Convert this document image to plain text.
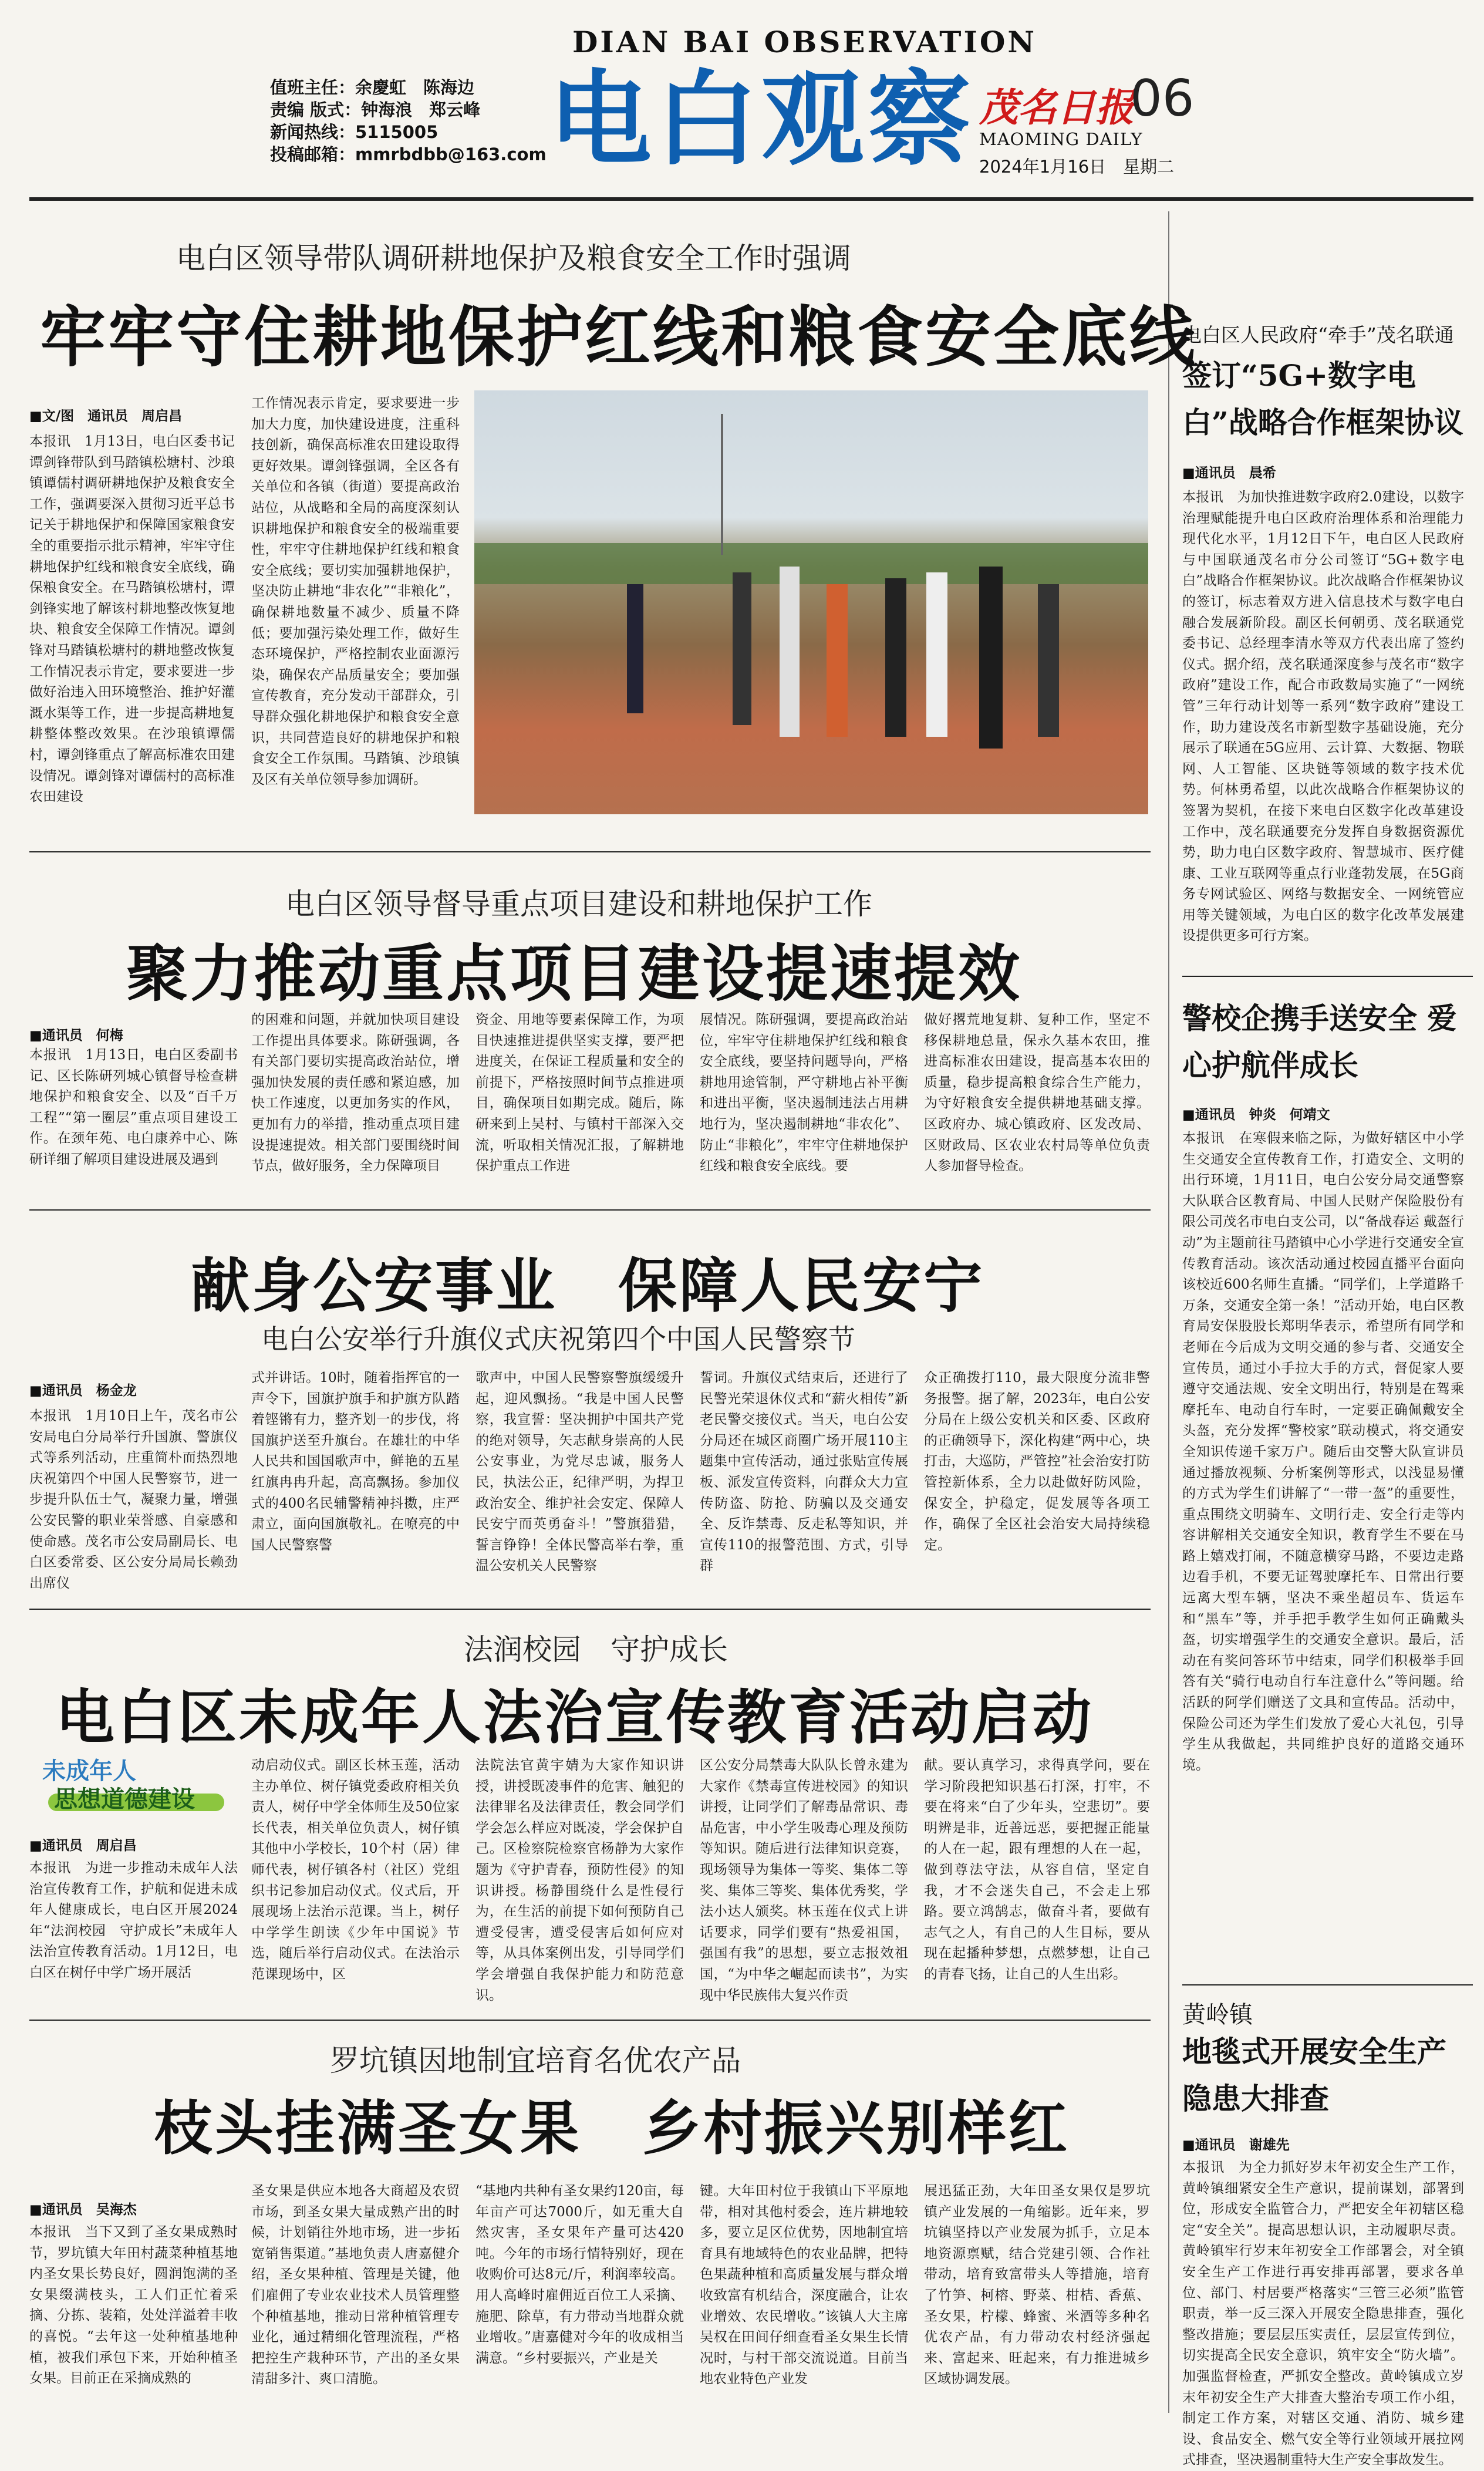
值班主任：余慶虹　陈海边
责编 版式：钟海浪　郑云峰
新闻热线：5115005
投稿邮箱：mmrbdbb@163.com
DIAN BAI OBSERVATION
电白观察 茂名日报
06
MAOMING DAILY
2024年1月16日　星期二
电白区领导带队调研耕地保护及粮食安全工作时强调
牢牢守住耕地保护红线和粮食安全底线
■文/图　通讯员　周启昌
本报讯　1月13日，电白区委书记谭剑锋带队到马踏镇松塘村、沙琅镇谭儒村调研耕地保护及粮食安全工作，强调要深入贯彻习近平总书记关于耕地保护和保障国家粮食安全的重要指示批示精神，牢牢守住耕地保护红线和粮食安全底线，确保粮食安全。在马踏镇松塘村，谭剑锋实地了解该村耕地整改恢复地块、粮食安全保障工作情况。谭剑锋对马踏镇松塘村的耕地整改恢复工作情况表示肯定，要求要进一步做好治违入田环境整治、推护好灌溉水渠等工作，进一步提高耕地复耕整体整改效果。在沙琅镇谭儒村，谭剑锋重点了解高标准农田建设情况。谭剑锋对谭儒村的高标准农田建设
工作情况表示肯定，要求要进一步加大力度，加快建设进度，注重科技创新，确保高标准农田建设取得更好效果。谭剑锋强调，全区各有关单位和各镇（街道）要提高政治站位，从战略和全局的高度深刻认识耕地保护和粮食安全的极端重要性，牢牢守住耕地保护红线和粮食安全底线；要切实加强耕地保护，坚决防止耕地“非农化”“非粮化”，确保耕地数量不减少、质量不降低；要加强污染处理工作，做好生态环境保护，严格控制农业面源污染，确保农产品质量安全；要加强宣传教育，充分发动干部群众，引导群众强化耕地保护和粮食安全意识，共同营造良好的耕地保护和粮食安全工作氛围。马踏镇、沙琅镇及区有关单位领导参加调研。
电白区人民政府“牵手”茂名联通
签订“5G+数字电白”战略合作框架协议
■通讯员　晨希
本报讯　为加快推进数字政府2.0建设，以数字治理赋能提升电白区政府治理体系和治理能力现代化水平，1月12日下午，电白区人民政府与中国联通茂名市分公司签订“5G+数字电白”战略合作框架协议。此次战略合作框架协议的签订，标志着双方进入信息技术与数字电白融合发展新阶段。副区长何朝勇、茂名联通党委书记、总经理李清水等双方代表出席了签约仪式。据介绍，茂名联通深度参与茂名市“数字政府”建设工作，配合市政数局实施了“一网统管”三年行动计划等一系列“数字政府”建设工作，助力建设茂名市新型数字基础设施，充分展示了联通在5G应用、云计算、大数据、物联网、人工智能、区块链等领域的数字技术优势。何林勇希望，以此次战略合作框架协议的签署为契机，在接下来电白区数字化改革建设工作中，茂名联通要充分发挥自身数据资源优势，助力电白区数字政府、智慧城市、医疗健康、工业互联网等重点行业蓬勃发展，在5G商务专网试验区、网络与数据安全、一网统管应用等关键领域，为电白区的数字化改革发展建设提供更多可行方案。
电白区领导督导重点项目建设和耕地保护工作
聚力推动重点项目建设提速提效
■通讯员　何梅
本报讯　1月13日，电白区委副书记、区长陈研列城心镇督导检查耕地保护和粮食安全、以及“百千万工程”“第一圈层”重点项目建设工作。在颈年苑、电白康养中心、陈研详细了解项目建设进展及遇到
的困难和问题，并就加快项目建设工作提出具体要求。陈研强调，各有关部门要切实提高政治站位，增强加快发展的责任感和紧迫感，加快工作速度，以更加务实的作风，更加有力的举措，推动重点项目建设提速提效。相关部门要围绕时间节点，做好服务，全力保障项目
资金、用地等要素保障工作，为项目快速推进提供坚实支撑，要严把进度关，在保证工程质量和安全的前提下，严格按照时间节点推进项目，确保项目如期完成。随后，陈研来到上吴村、与镇村干部深入交流，听取相关情况汇报，了解耕地保护重点工作进
展情况。陈研强调，要提高政治站位，牢牢守住耕地保护红线和粮食安全底线，要坚持问题导向，严格耕地用途管制，严守耕地占补平衡和进出平衡，坚决遏制违法占用耕地行为，坚决遏制耕地“非农化”、防止“非粮化”，牢牢守住耕地保护红线和粮食安全底线。要
做好撂荒地复耕、复种工作，坚定不移保耕地总量，保永久基本农田，推进高标准农田建设，提高基本农田的质量，稳步提高粮食综合生产能力，为守好粮食安全提供耕地基础支撑。区政府办、城心镇政府、区发改局、区财政局、区农业农村局等单位负责人参加督导检查。
警校企携手送安全 爱心护航伴成长
■通讯员　钟炎　何靖文
本报讯　在寒假来临之际，为做好辖区中小学生交通安全宣传教育工作，打造安全、文明的出行环境，1月11日，电白公安分局交通警察大队联合区教育局、中国人民财产保险股份有限公司茂名市电白支公司，以“备战春运 戴盔行动”为主题前往马踏镇中心小学进行交通安全宣传教育活动。该次活动通过校园直播平台面向该校近600名师生直播。“同学们，上学道路千万条，交通安全第一条！”活动开始，电白区教育局安保股股长郑明华表示，希望所有同学和老师在今后成为文明交通的参与者、交通安全宣传员，通过小手拉大手的方式，督促家人要遵守交通法规、安全文明出行，特别是在驾乘摩托车、电动自行车时，一定要正确佩戴安全头盔，充分发挥“警校家”联动模式，将交通安全知识传递千家万户。随后由交警大队宣讲员通过播放视频、分析案例等形式，以浅显易懂的方式为学生们讲解了“一带一盔”的重要性，重点围绕文明骑车、文明行走、安全行走等内容讲解相关交通安全知识，教育学生不要在马路上嬉戏打闹，不随意横穿马路，不要边走路边看手机，不要无证驾驶摩托车、日常出行要远离大型车辆，坚决不乘坐超员车、货运车和“黑车”等，并手把手教学生如何正确戴头盔，切实增强学生的交通安全意识。最后，活动在有奖问答环节中结束，同学们积极举手回答有关“骑行电动自行车注意什么”等问题。给活跃的阿学们赠送了文具和宣传品。活动中，保险公司还为学生们发放了爱心大礼包，引导学生从我做起，共同维护良好的道路交通环境。
献身公安事业　保障人民安宁
电白公安举行升旗仪式庆祝第四个中国人民警察节
■通讯员　杨金龙
本报讯　1月10日上午，茂名市公安局电白分局举行升国旗、警旗仪式等系列活动，庄重简朴而热烈地庆祝第四个中国人民警察节，进一步提升队伍士气，凝聚力量，增强公安民警的职业荣誉感、自豪感和使命感。茂名市公安局副局长、电白区委常委、区公安分局局长赖劲出席仪
式并讲话。10时，随着指挥官的一声令下，国旗护旗手和护旗方队踏着铿锵有力，整齐划一的步伐，将国旗护送至升旗台。在雄壮的中华人民共和国国歌声中，鲜艳的五星红旗冉冉升起，高高飘扬。参加仪式的400名民辅警精神抖擞，庄严肃立，面向国旗敬礼。在嘹亮的中国人民警察警
歌声中，中国人民警察警旗缓缓升起，迎风飘扬。“我是中国人民警察，我宣誓：坚决拥护中国共产党的绝对领导，矢志献身崇高的人民公安事业，为党尽忠诚，服务人民，执法公正，纪律严明，为捍卫政治安全、维护社会安定、保障人民安宁而英勇奋斗！”警旗猎猎，誓言铮铮！全体民警高举右拳，重温公安机关人民警察
誓词。升旗仪式结束后，还进行了民警光荣退休仪式和“薪火相传”新老民警交接仪式。当天，电白公安分局还在城区商圈广场开展110主题集中宣传活动，通过张贴宣传展板、派发宣传资料，向群众大力宣传防盗、防抢、防骗以及交通安全、反诈禁毒、反走私等知识，并宣传110的报警范围、方式，引导群
众正确拨打110，最大限度分流非警务报警。据了解，2023年，电白公安分局在上级公安机关和区委、区政府的正确领导下，深化构建“两中心，块打击，大巡防，严管控”社会治安打防管控新体系，全力以赴做好防风险，保安全，护稳定，促发展等各项工作，确保了全区社会治安大局持续稳定。
法润校园　守护成长
电白区未成年人法治宣传教育活动启动
未成年人
思想道德建设
■通讯员　周启昌
本报讯　为进一步推动未成年人法治宣传教育工作，护航和促进未成年人健康成长，电白区开展2024年“法润校园　守护成长”未成年人法治宣传教育活动。1月12日，电白区在树仔中学广场开展活
动启动仪式。副区长林玉莲，活动主办单位、树仔镇党委政府相关负责人，树仔中学全体师生及50位家长代表，相关单位负责人，树仔镇其他中小学校长，10个村（居）律师代表，树仔镇各村（社区）党组织书记参加启动仪式。仪式后，开展现场上法治示范课。当上，树仔中学学生朗读《少年中国说》节选，随后举行启动仪式。在法治示范课现场中，区
法院法官黄宇婧为大家作知识讲授，讲授既凌事件的危害、触犯的法律罪名及法律责任，教会同学们学会怎么样应对既凌，学会保护自己。区检察院检察官杨静为大家作题为《守护青春，预防性侵》的知识讲授。杨静围绕什么是性侵行为，在生活的前提下如何预防自己遭受侵害，遭受侵害后如何应对等，从具体案例出发，引导同学们学会增强自我保护能力和防范意识。
区公安分局禁毒大队队长曾永建为大家作《禁毒宣传进校园》的知识讲授，让同学们了解毒品常识、毒品危害，中小学生吸毒心理及预防等知识。随后进行法律知识竞赛，现场领导为集体一等奖、集体二等奖、集体三等奖、集体优秀奖，学法小达人颁奖。林玉莲在仪式上讲话要求，同学们要有“热爱祖国，强国有我”的思想，要立志报效祖国，“为中华之崛起而读书”，为实现中华民族伟大复兴作贡
献。要认真学习，求得真学问，要在学习阶段把知识基石打深，打牢，不要在将来“白了少年头，空悲切”。要明辨是非，近善远恶，要把握正能量的人在一起，跟有理想的人在一起，做到尊法守法，从容自信，坚定自我，才不会迷失自己，不会走上邪路。要立鸿鹄志，做奋斗者，要做有志气之人，有自己的人生目标，要从现在起播种梦想，点燃梦想，让自己的青春飞扬，让自己的人生出彩。
黄岭镇
地毯式开展安全生产隐患大排查
■通讯员　谢雄先
本报讯　为全力抓好岁末年初安全生产工作，黄岭镇细紧安全生产意识，提前谋划，部署到位，形成安全监管合力，严把安全年初辖区稳定“安全关”。提高思想认识，主动履职尽责。黄岭镇牢行岁末年初安全工作部署会，对全镇安全生产工作进行再安排再部署，要求各单位、部门、村居要严格落实“三管三必须”监管职责，举一反三深入开展安全隐患排查，强化整改措施；要层层压实责任，层层宣传到位，切实提高全民安全意识，筑牢安全“防火墙”。加强监督检查，严抓安全整改。黄岭镇成立岁末年初安全生产大排查大整治专项工作小组，制定工作方案，对辖区交通、消防、城乡建设、食品安全、燃气安全等行业领域开展拉网式排查，坚决遏制重特大生产安全事故发生。
罗坑镇因地制宜培育名优农产品
枝头挂满圣女果　乡村振兴别样红
■通讯员　吴海杰
本报讯　当下又到了圣女果成熟时节，罗坑镇大年田村蔬菜种植基地内圣女果长势良好，圆润饱满的圣女果缀满枝头，工人们正忙着采摘、分拣、装箱，处处洋溢着丰收的喜悦。“去年这一处种植基地种植，被我们承包下来，开始种植圣女果。目前正在采摘成熟的
圣女果是供应本地各大商超及农贸市场，到圣女果大量成熟产出的时候，计划销往外地市场，进一步拓宽销售渠道。”基地负责人唐嘉健介绍，圣女果种植、管理是关键，他们雇佣了专业农业技术人员管理整个种植基地，推动日常种植管理专业化，通过精细化管理流程，严格把控生产栽种环节，产出的圣女果清甜多汁、爽口清脆。
“基地内共种有圣女果约120亩，每年亩产可达7000斤，如无重大自然灾害，圣女果年产量可达420吨。今年的市场行情特别好，现在收购价可达8元/斤，利润率较高。用人高峰时雇佣近百位工人采摘、施肥、除草，有力带动当地群众就业增收。”唐嘉健对今年的收成相当满意。“乡村要振兴，产业是关
键。大年田村位于我镇山下平原地带，相对其他村委会，连片耕地较多，要立足区位优势，因地制宜培育具有地域特色的农业品牌，把特色果蔬种植和高质量发展与群众增收致富有机结合，深度融合，让农业增效、农民增收。”该镇人大主席吴权在田间仔细查看圣女果生长情况时，与村干部交流说道。目前当地农业特色产业发
展迅猛正劲，大年田圣女果仅是罗坑镇产业发展的一角缩影。近年来，罗坑镇坚持以产业发展为抓手，立足本地资源禀赋，结合党建引领、合作社带动，培育致富带头人等措施，培育了竹笋、柯榕、野菜、柑桔、香蕉、圣女果，柠檬、蜂蜜、米酒等多种名优农产品，有力带动农村经济强起来、富起来、旺起来，有力推进城乡区域协调发展。
